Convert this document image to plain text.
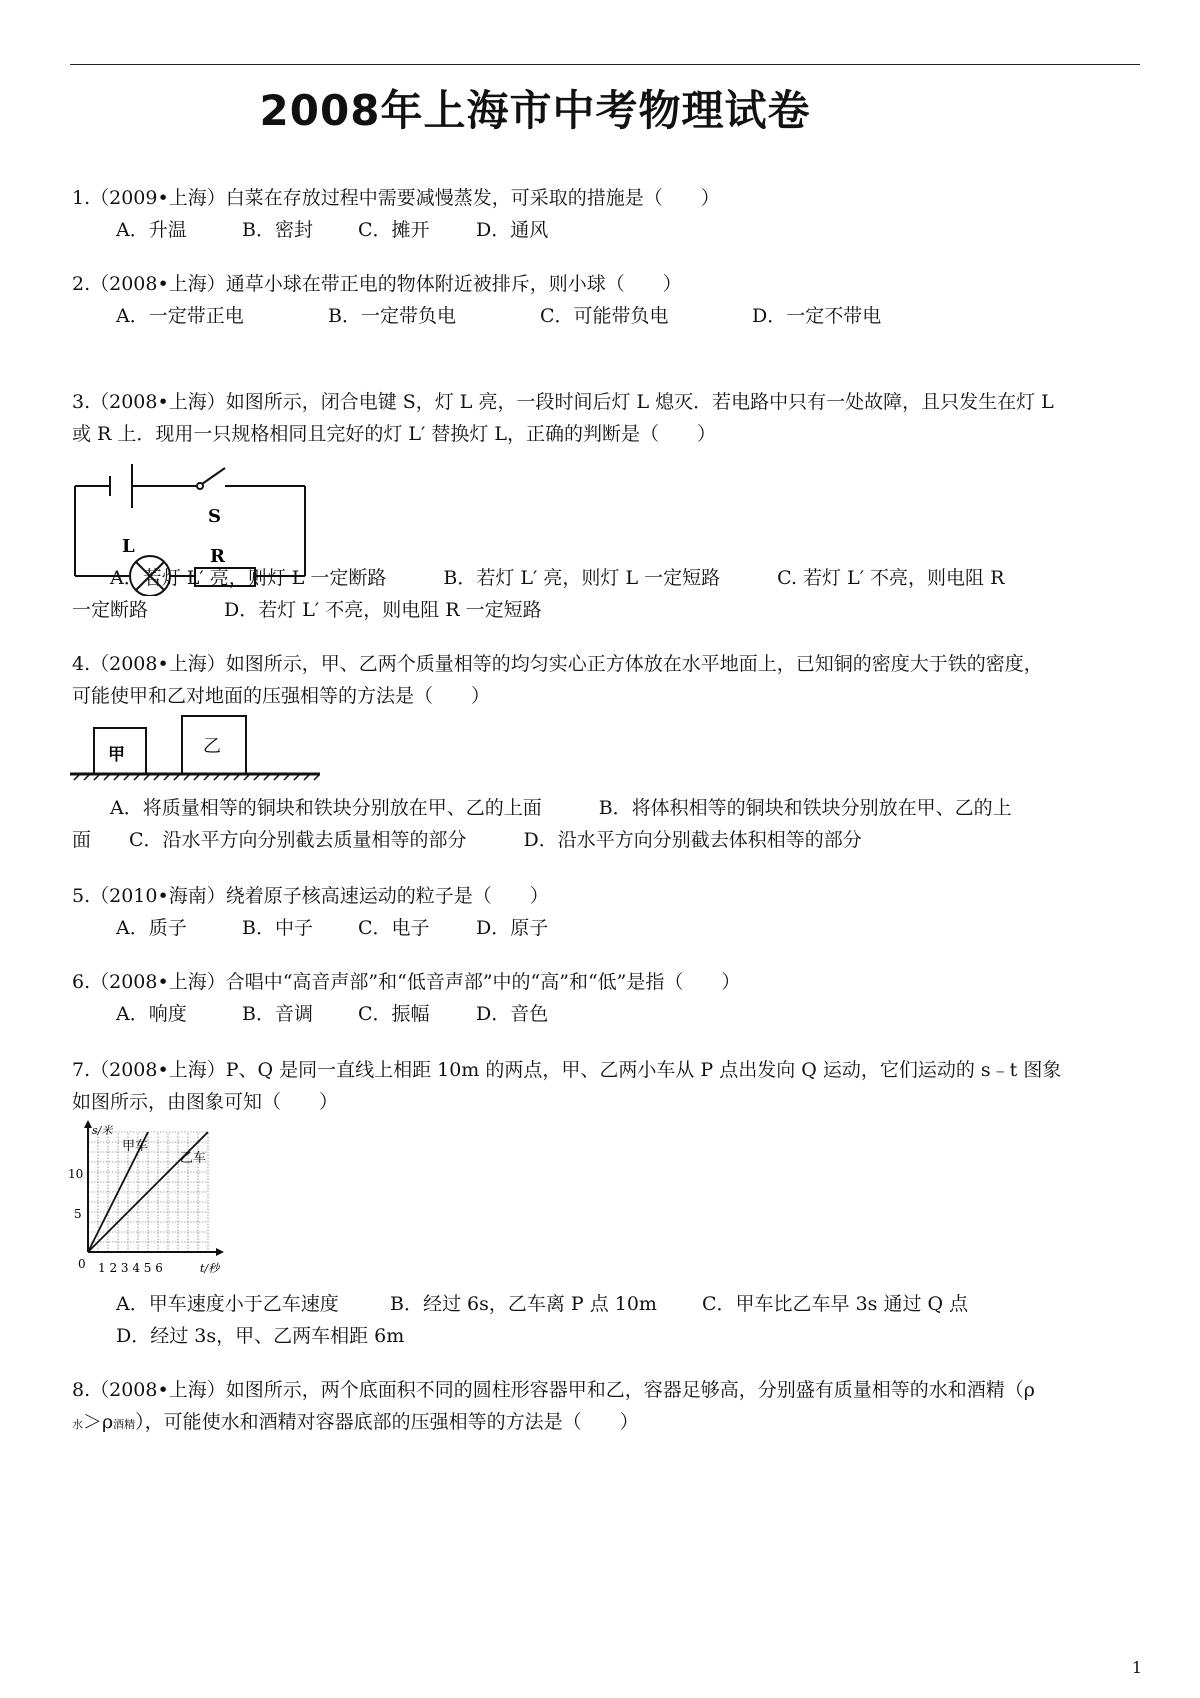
2008年上海市中考物理试卷
1.（2009•上海）白菜在存放过程中需要减慢蒸发，可采取的措施是（　　）
A．升温	B．密封 C．摊开 D．通风
2.（2008•上海）通草小球在带正电的物体附近被排斥，则小球（　　）
A．一定带正电	B．一定带负电	C．可能带负电	D．一定不带电
3.（2008•上海）如图所示，闭合电键 S，灯 L 亮，一段时间后灯 L 熄灭．若电路中只有一处故障，且只发生在灯 L
或 R 上．现用一只规格相同且完好的灯 L′ 替换灯 L，正确的判断是（　　）
S
L	R
A．若灯 L′ 亮，则灯 L 一定断路　　　B．若灯 L′ 亮，则灯 L 一定短路　　　C. 若灯 L′ 不亮，则电阻 R
一定断路　　　　D．若灯 L′ 不亮，则电阻 R 一定短路
4.（2008•上海）如图所示，甲、乙两个质量相等的均匀实心正方体放在水平地面上，已知铜的密度大于铁的密度，
可能使甲和乙对地面的压强相等的方法是（　　）
甲	乙
A．将质量相等的铜块和铁块分别放在甲、乙的上面　　　B．将体积相等的铜块和铁块分别放在甲、乙的上
面　　C．沿水平方向分别截去质量相等的部分　　　D．沿水平方向分别截去体积相等的部分
5.（2010•海南）绕着原子核高速运动的粒子是（　　）
A．质子	B．中子 C．电子 D．原子
6.（2008•上海）合唱中“高音声部”和“低音声部”中的“高”和“低”是指（　　）
A．响度	B．音调 C．振幅 D．音色
7.（2008•上海）P、Q 是同一直线上相距 10m 的两点，甲、乙两小车从 P 点出发向 Q 运动，它们运动的 s﹣t 图象
如图所示，由图象可知（　　）
s/米
t/秒
10
5
0 1 2 3 4 5 6
甲车
乙车
A．甲车速度小于乙车速度	B．经过 6s，乙车离 P 点 10m C．甲车比乙车早 3s 通过 Q 点
D．经过 3s，甲、乙两车相距 6m
8.（2008•上海）如图所示，两个底面积不同的圆柱形容器甲和乙，容器足够高，分别盛有质量相等的水和酒精（ρ
水＞ρ酒精），可能使水和酒精对容器底部的压强相等的方法是（　　）
1
